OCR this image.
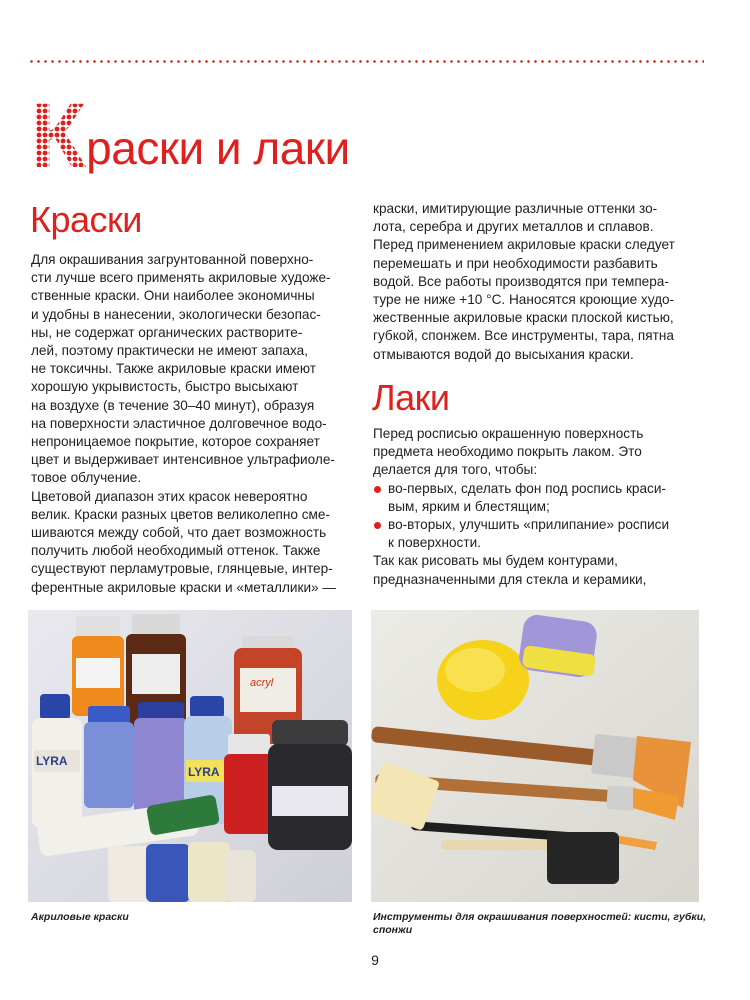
Краски и лаки
Краски

Для окрашивания загрунтованной поверхно-
сти лучше всего применять акриловые художе-
ственные краски. Они наиболее экономичны
и удобны в нанесении, экологически безопас-
ны, не содержат органических растворите-
лей, поэтому практически не имеют запаха,
не токсичны. Также акриловые краски имеют
хорошую укрывистость, быстро высыхают
на воздухе (в течение 30–40 минут), образуя
на поверхности эластичное долговечное водо-
непроницаемое покрытие, которое сохраняет
цвет и выдерживает интенсивное ультрафиоле-
товое облучение.

Цветовой диапазон этих красок невероятно
велик. Краски разных цветов великолепно сме-
шиваются между собой, что дает возможность
получить любой необходимый оттенок. Также
существуют перламутровые, глянцевые, интер-
ферентные акриловые краски и «металлики» —

краски, имитирующие различные оттенки зо-
лота, серебра и других металлов и сплавов.
Перед применением акриловые краски следует
перемешать и при необходимости разбавить
водой. Все работы производятся при темпера-
туре не ниже +10 °С. Наносятся кроющие худо-
жественные акриловые краски плоской кистью,
губкой, спонжем. Все инструменты, тара, пятна
отмываются водой до высыхания краски.

Лаки

Перед росписью окрашенную поверхность
предмета необходимо покрыть лаком. Это
делается для того, чтобы:

во-первых, сделать фон под роспись краси-
вым, ярким и блестящим;
во-вторых, улучшить «прилипание» росписи
к поверхности.

Так как рисовать мы будем контурами,
предназначенными для стекла и керамики,

acryl
LYRA
LYRA
Акриловые краски	Инструменты для окрашивания поверхностей: кисти, губки,
спонжи
9
